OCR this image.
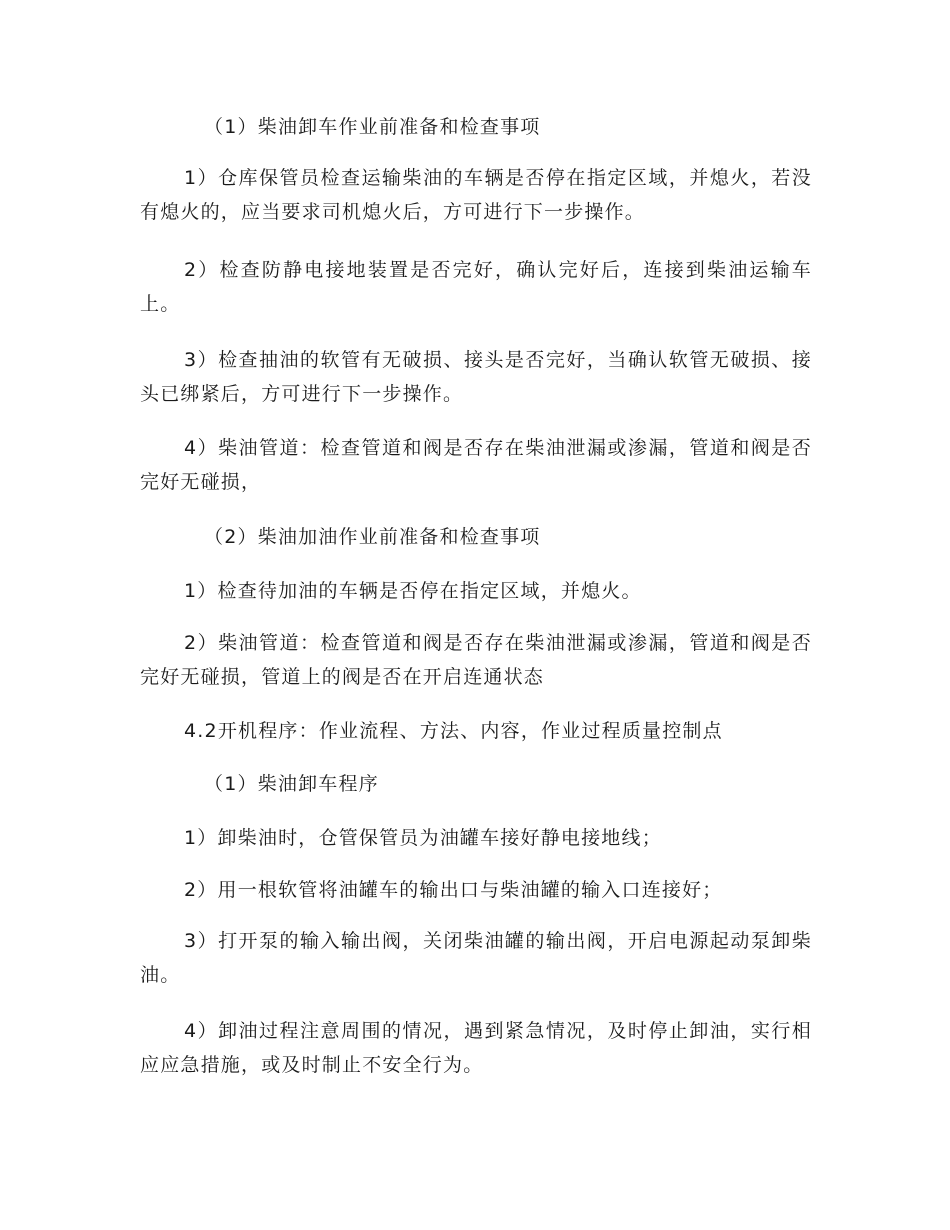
（1）柴油卸车作业前准备和检查事项

1）仓库保管员检查运输柴油的车辆是否停在指定区域，并熄火，若没有熄火的，应当要求司机熄火后，方可进行下一步操作。

2）检查防静电接地装置是否完好，确认完好后，连接到柴油运输车上。

3）检查抽油的软管有无破损、接头是否完好，当确认软管无破损、接头已绑紧后，方可进行下一步操作。

4）柴油管道：检查管道和阀是否存在柴油泄漏或渗漏，管道和阀是否完好无碰损，

（2）柴油加油作业前准备和检查事项

1）检查待加油的车辆是否停在指定区域，并熄火。

2）柴油管道：检查管道和阀是否存在柴油泄漏或渗漏，管道和阀是否完好无碰损，管道上的阀是否在开启连通状态

4.2开机程序：作业流程、方法、内容，作业过程质量控制点

（1）柴油卸车程序

1）卸柴油时，仓管保管员为油罐车接好静电接地线；

2）用一根软管将油罐车的输出口与柴油罐的输入口连接好；

3）打开泵的输入输出阀，关闭柴油罐的输出阀，开启电源起动泵卸柴油。

4）卸油过程注意周围的情况，遇到紧急情况，及时停止卸油，实行相应应急措施，或及时制止不安全行为。
